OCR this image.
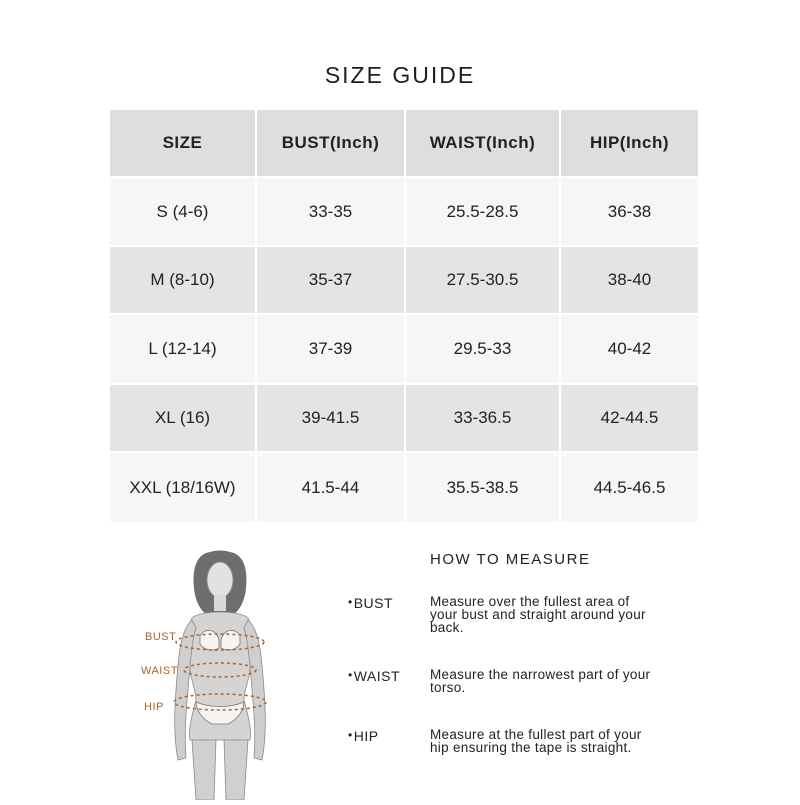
SIZE GUIDE
SIZE	BUST(Inch)	WAIST(Inch)	HIP(Inch)
S (4-6)	33-35	25.5-28.5	36-38
M (8-10)	35-37	27.5-30.5	38-40
L (12-14)	37-39	29.5-33	40-42
XL (16)	39-41.5	33-36.5	42-44.5
XXL (18/16W)	41.5-44	35.5-38.5	44.5-46.5
BUST
WAIST
HIP
HOW TO MEASURE
•BUST	Measure over the fullest area of your bust and straight around your back.
•WAIST Measure the narrowest part of your torso.
•HIP	Measure at the fullest part of your hip ensuring the tape is straight.
